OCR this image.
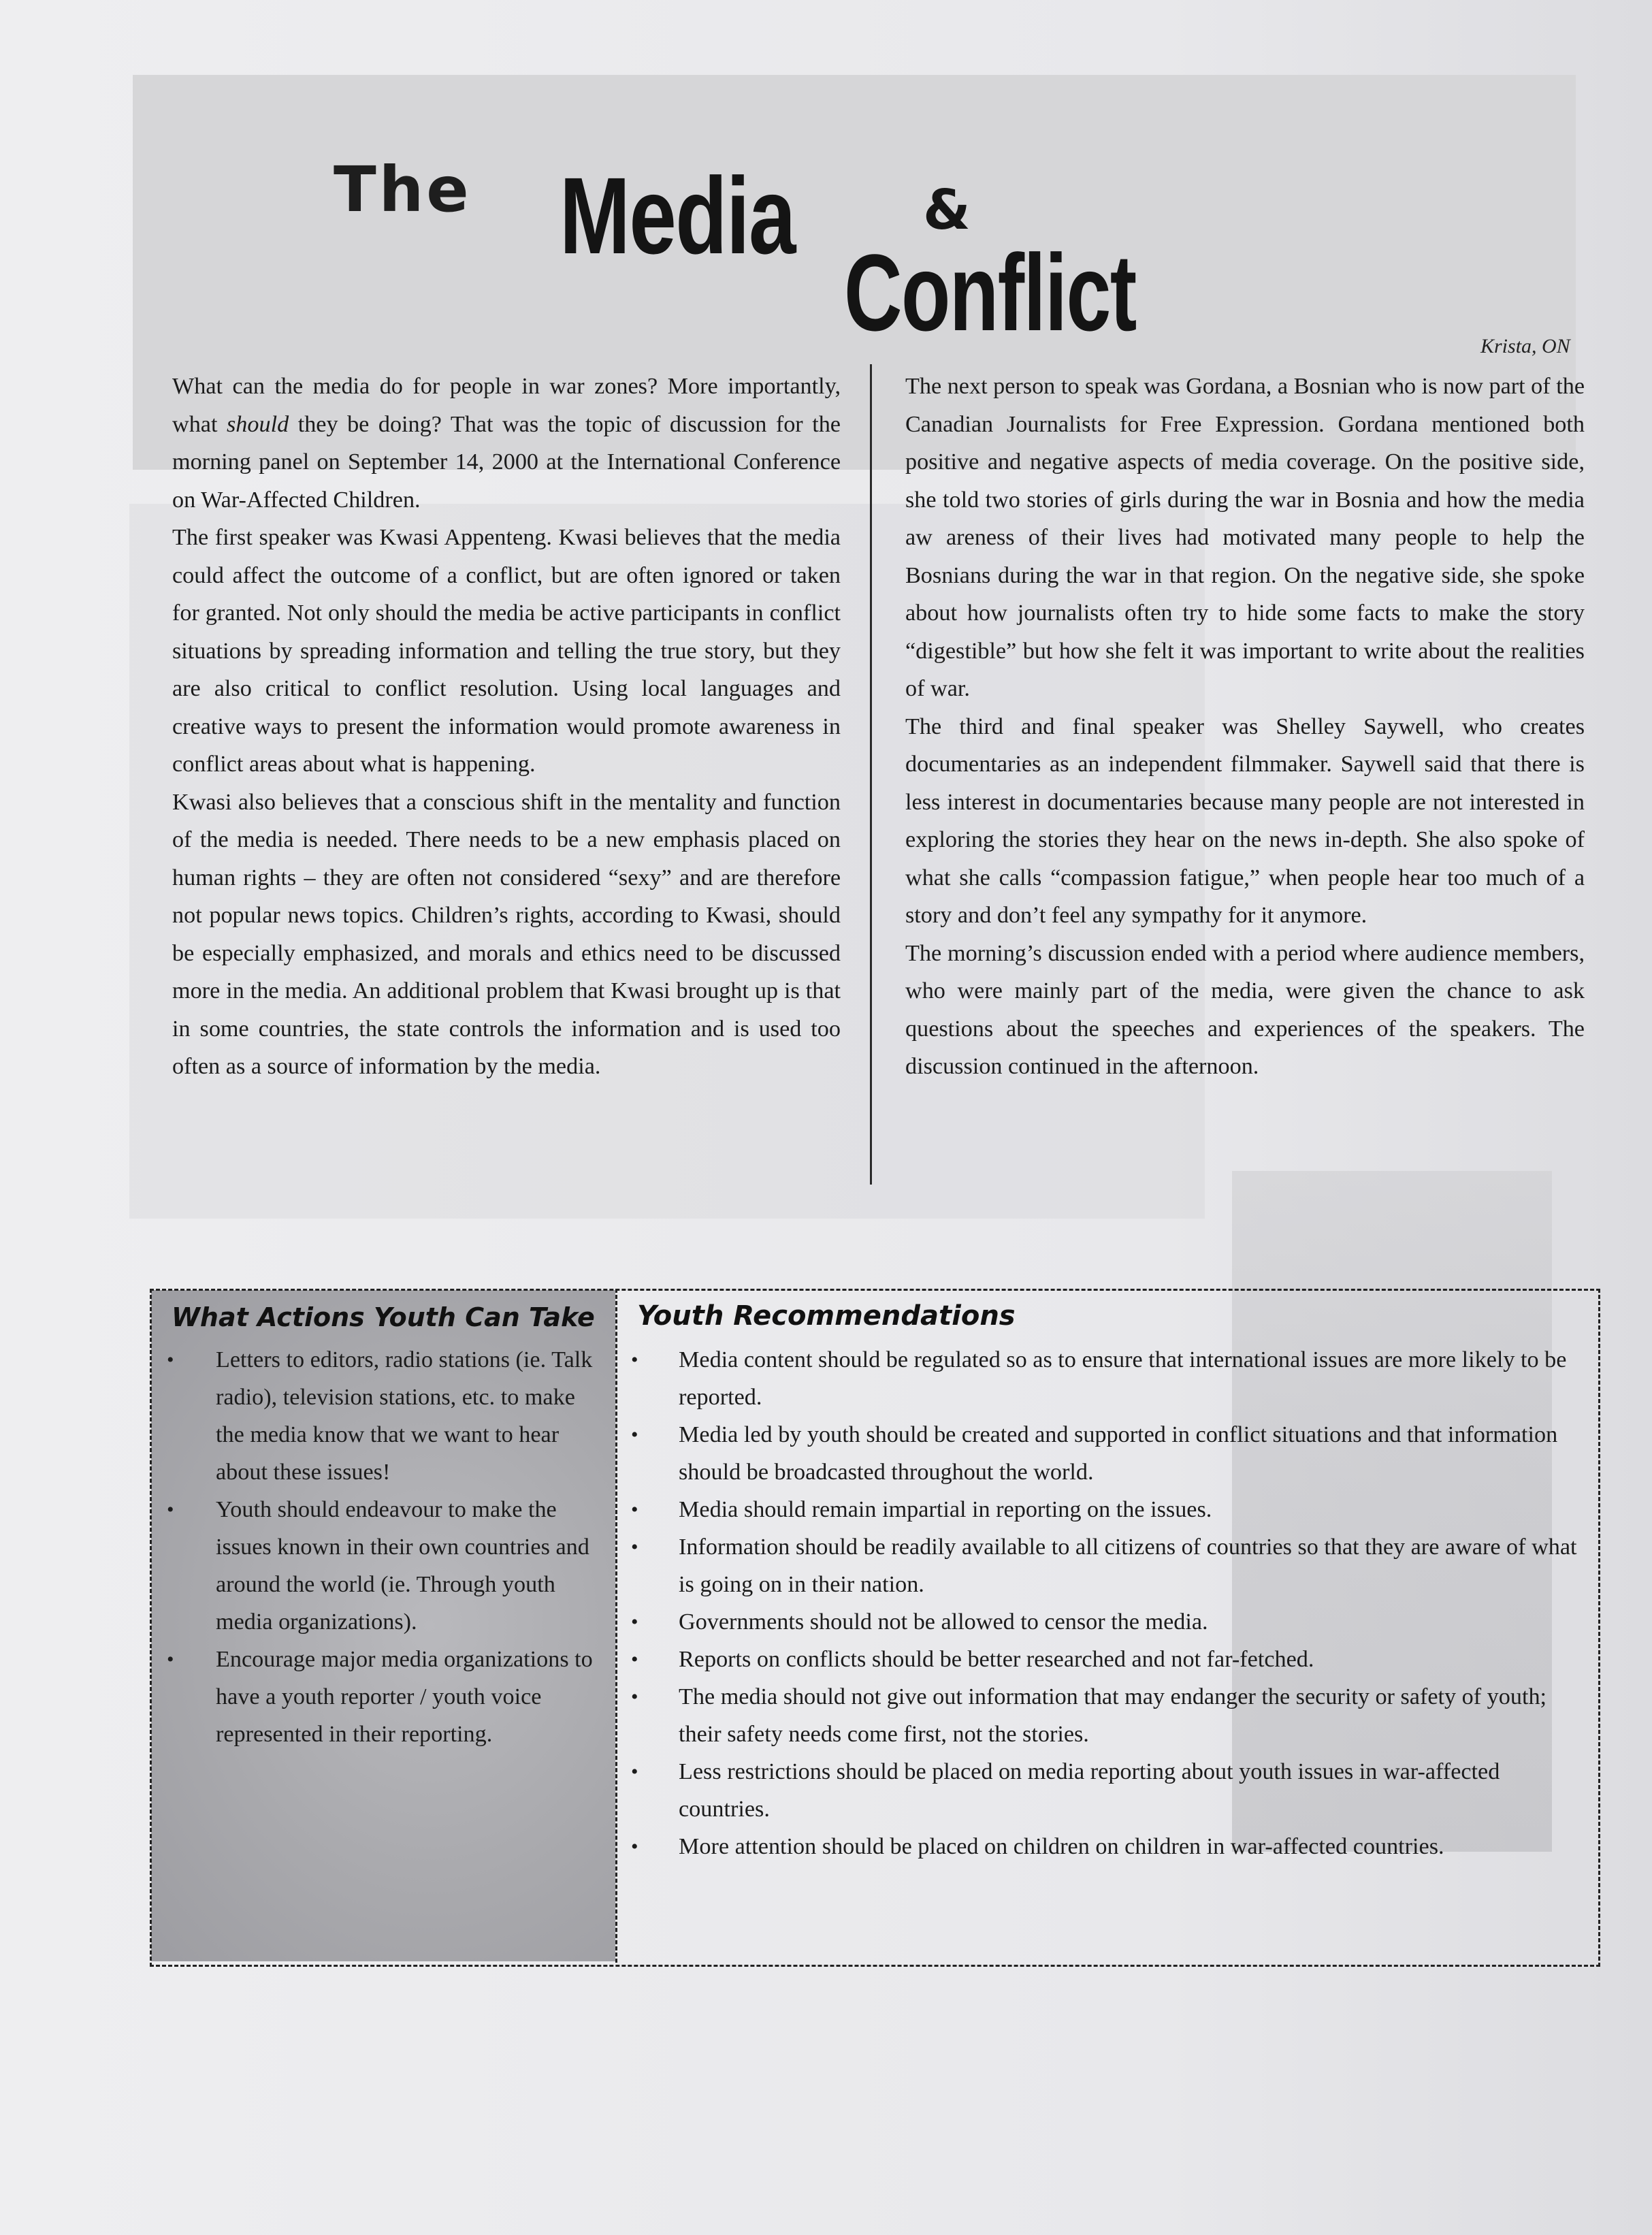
The Media &
Conflict	Krista, ON

What can the media do for people in war zones? More importantly, what should they be doing? That was the topic of discussion for the morning panel on September 14, 2000 at the International Conference on War-Affected Children.

The first speaker was Kwasi Appenteng. Kwasi believes that the media could affect the outcome of a conflict, but are often ignored or taken for granted. Not only should the media be active participants in conflict situations by spreading information and telling the true story, but they are also critical to conflict resolution. Using local languages and creative ways to present the information would promote awareness in conflict areas about what is happening.

Kwasi also believes that a conscious shift in the mentality and function of the media is needed. There needs to be a new emphasis placed on human rights – they are often not considered “sexy” and are therefore not popular news topics. Children’s rights, according to Kwasi, should be especially emphasized, and morals and ethics need to be discussed more in the media. An additional problem that Kwasi brought up is that in some countries, the state controls the information and is used too often as a source of information by the media.

The next person to speak was Gordana, a Bosnian who is now part of the Canadian Journalists for Free Expression. Gordana mentioned both positive and negative aspects of media coverage. On the positive side, she told two stories of girls during the war in Bosnia and how the media aw areness of their lives had motivated many people to help the Bosnians during the war in that region. On the negative side, she spoke about how journalists often try to hide some facts to make the story “digestible” but how she felt it was important to write about the realities of war.

The third and final speaker was Shelley Saywell, who creates documentaries as an independent filmmaker. Saywell said that there is less interest in documentaries because many people are not interested in exploring the stories they hear on the news in-depth. She also spoke of what she calls “compassion fatigue,” when people hear too much of a story and don’t feel any sympathy for it anymore.

The morning’s discussion ended with a period where audience members, who were mainly part of the media, were given the chance to ask questions about the speeches and experiences of the speakers. The discussion continued in the afternoon.

What Actions Youth Can Take
• Letters to editors, radio stations (ie. Talk radio), television stations, etc. to make the media know that we want to hear about these issues!
• Youth should endeavour to make the issues known in their own countries and around the world (ie. Through youth media organizations).
• Encourage major media organizations to have a youth reporter / youth voice represented in their reporting.
Youth Recommendations
• Media content should be regulated so as to ensure that international issues are more likely to be reported.
• Media led by youth should be created and supported in conflict situations and that information should be broadcasted throughout the world.
• Media should remain impartial in reporting on the issues.
• Information should be readily available to all citizens of countries so that they are aware of what is going on in their nation.
• Governments should not be allowed to censor the media.
• Reports on conflicts should be better researched and not far-fetched.
• The media should not give out information that may endanger the security or safety of youth; their safety needs come first, not the stories.
• Less restrictions should be placed on media reporting about youth issues in war-affected countries.
• More attention should be placed on children on children in war-affected countries.
